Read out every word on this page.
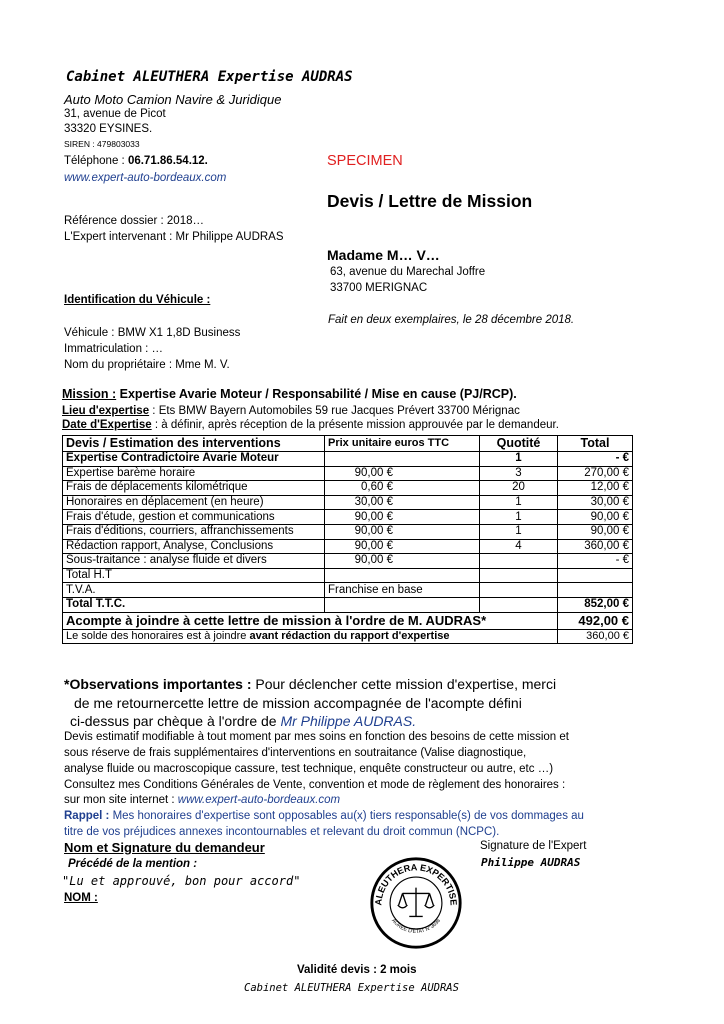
Cabinet ALEUTHERA Expertise AUDRAS
Auto Moto Camion Navire & Juridique
31, avenue de Picot
33320 EYSINES.
SIREN : 479803033
Téléphone : 06.71.86.54.12.
www.expert-auto-bordeaux.com
SPECIMEN
Devis / Lettre de Mission
Référence dossier : 2018…
L'Expert intervenant : Mr Philippe AUDRAS
Madame M… V…
63, avenue du Marechal Joffre
33700 MERIGNAC
Identification du Véhicule :
Fait en deux exemplaires, le 28 décembre 2018.
Véhicule : BMW X1 1,8D Business
Immatriculation : …
Nom du propriétaire : Mme M. V.
Mission : Expertise Avarie Moteur / Responsabilité / Mise en cause (PJ/RCP).
Lieu d'expertise : Ets BMW Bayern Automobiles 59 rue Jacques Prévert 33700 Mérignac
Date d'Expertise : à définir, après réception de la présente mission approuvée par le demandeur.
Devis / Estimation des interventions	Prix unitaire euros TTC	Quotité	Total
Expertise Contradictoire Avarie Moteur		1	- €
Expertise barème horaire	90,00 €	3	270,00 €
Frais de déplacements kilométrique	0,60 €	20	12,00 €
Honoraires en déplacement (en heure)	30,00 €	1	30,00 €
Frais d'étude, gestion et communications	90,00 €	1	90,00 €
Frais d'éditions, courriers, affranchissements	90,00 €	1	90,00 €
Rédaction rapport, Analyse, Conclusions	90,00 €	4	360,00 €
Sous-traitance : analyse fluide et divers	90,00 €		- €
Total H.T			
T.V.A.	Franchise en base		
Total T.T.C.			852,00 €
Acompte à joindre à cette lettre de mission à l'ordre de M. AUDRAS*			492,00 €
Le solde des honoraires est à joindre avant rédaction du rapport d'expertise			360,00 €
*Observations importantes : Pour déclencher cette mission d'expertise, merci
de me retournercette lettre de mission accompagnée de l'acompte défini
ci-dessus par chèque à l'ordre de Mr Philippe AUDRAS.
Devis estimatif modifiable à tout moment par mes soins en fonction des besoins de cette mission et
sous réserve de frais supplémentaires d'interventions en soutraitance (Valise diagnostique,
analyse fluide ou macroscopique cassure, test technique, enquête constructeur ou autre, etc …)
Consultez mes Conditions Générales de Vente, convention et mode de règlement des honoraires :
sur mon site internet : www.expert-auto-bordeaux.com
Rappel : Mes honoraires d'expertise sont opposables au(x) tiers responsable(s) de vos dommages au
titre de vos préjudices annexes incontournables et relevant du droit commun (NCPC).
Nom et Signature du demandeur
Précédé de la mention :
"Lu et approuvé, bon pour accord"
NOM :
Signature de l'Expert
Philippe AUDRAS
ALEUTHERA EXPERTISE
AGRÉÉ D'ÉTAT N°3698
Validité devis : 2 mois
Cabinet ALEUTHERA Expertise AUDRAS
